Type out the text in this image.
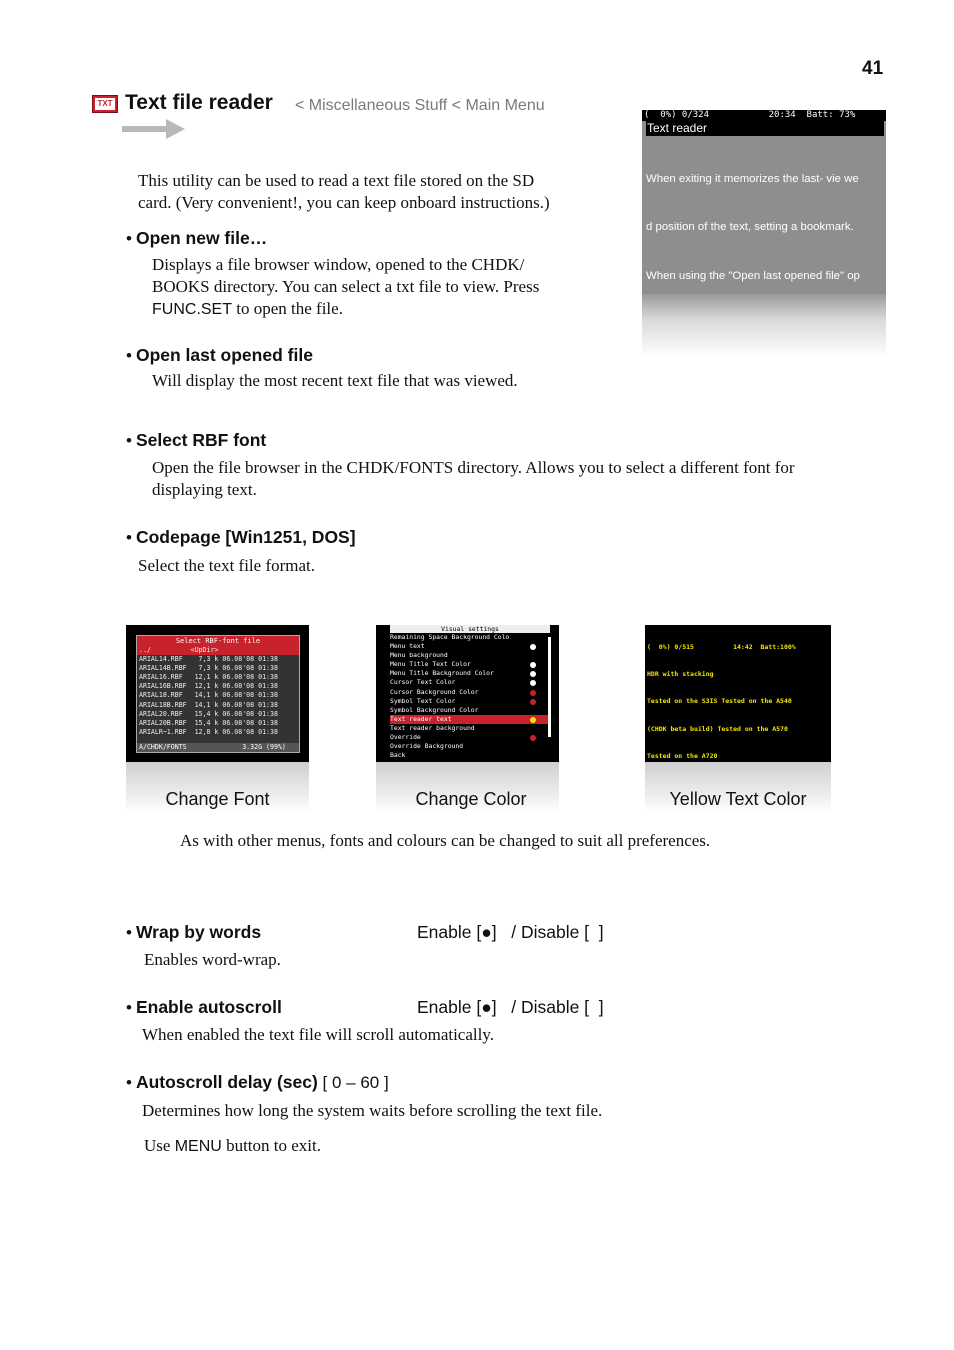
41
TXT Text file reader < Miscellaneous Stuff < Main Menu
This utility can be used to read a text file stored on the SD
card. (Very convenient!, you can keep onboard instructions.)
• Open new file…
Displays a file browser window, opened to the CHDK/
BOOKS directory. You can select a txt file to view. Press
FUNC.SET to open the file.
• Open last opened file
Will display the most recent text file that was viewed.
• Select RBF font
Open the file browser in the CHDK/FONTS directory. Allows you to select a different font for
displaying text.
• Codepage [Win1251, DOS]
Select the text file format.
(  0%) 0/324           20:34  Batt: 73%
Text reader

When exiting it memorizes the last- vie we

d position of the text, setting a bookmark.

When using the "Open last opened file" op

Select RBF-font file
../          <UpDir>
ARIAL14.RBF    7,3 k 06.08'08 01:38
ARIAL14B.RBF   7,3 k 06.08'08 01:38
ARIAL16.RBF   12,1 k 06.08'08 01:38
ARIAL16B.RBF  12,1 k 06.08'08 01:38
ARIAL18.RBF   14,1 k 06.08'08 01:38
ARIAL18B.RBF  14,1 k 06.08'08 01:38
ARIAL20.RBF   15,4 k 06.08'08 01:38
ARIAL20B.RBF  15,4 k 06.08'08 01:38
ARIALR~1.RBF  12,8 k 06.08'08 01:38
A/CHDK/FONTS              3.32G (99%)
Change Font
Visual settings
Remaining Space Background Colo
Menu text
Menu background
Menu Title Text Color
Menu Title Background Color
Cursor Text Color
Cursor Background Color
Symbol Text Color
Symbol Background Color
Text reader text
Text reader background
Override
Override Background
Back
Change Color

(  0%) 0/515          14:42  Batt:100%

HDR with stacking

Tested on the S3IS Tested on the A540

(CHDK beta build) Tested on the A570

Tested on the A720

Yellow Text Color
As with other menus, fonts and colours can be changed to suit all preferences.
• Wrap by words	Enable [●]   / Disable [  ]
Enables word-wrap.
• Enable autoscroll	Enable [●]   / Disable [  ]
When enabled the text file will scroll automatically.
• Autoscroll delay (sec) [ 0 – 60 ]
Determines how long the system waits before scrolling the text file.
Use MENU button to exit.
